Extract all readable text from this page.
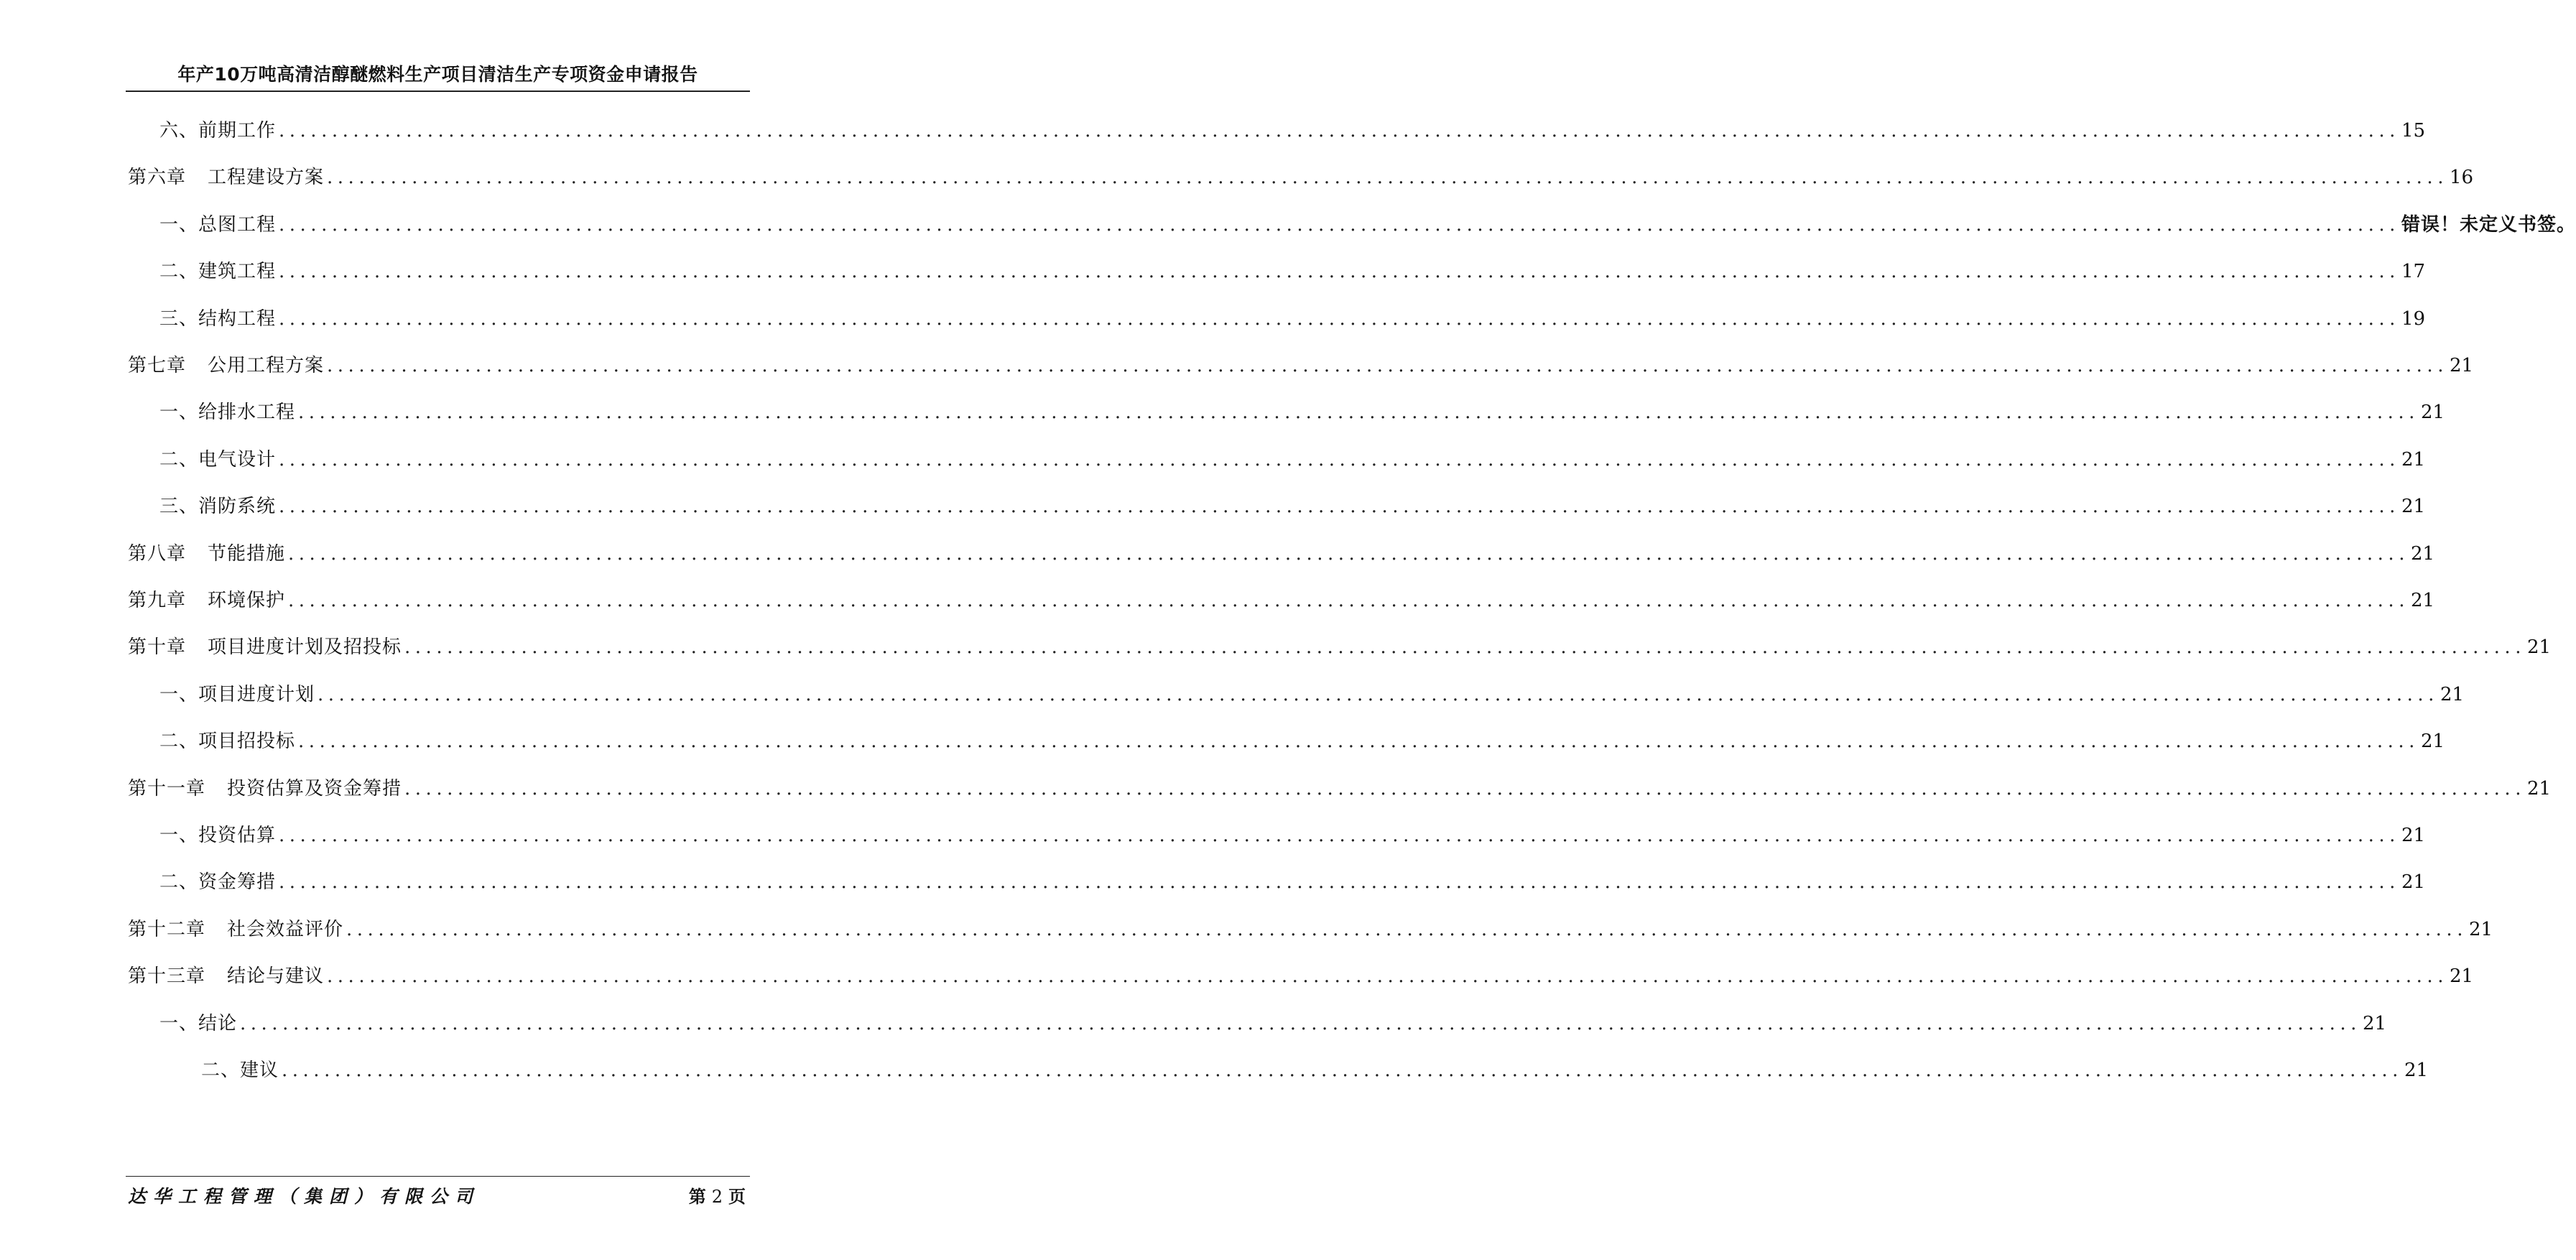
年产10万吨高清洁醇醚燃料生产项目清洁生产专项资金申请报告
六、前期工作 ........................................................................................................................................................................................................ 15
第六章 工程建设方案 ........................................................................................................................................................................................................ 16
一、总图工程 ........................................................................................................................................................................................................ 错误！未定义书签。
二、建筑工程 ........................................................................................................................................................................................................ 17
三、结构工程 ........................................................................................................................................................................................................ 19
第七章 公用工程方案 ........................................................................................................................................................................................................ 21
一、给排水工程 ........................................................................................................................................................................................................ 21
二、电气设计 ........................................................................................................................................................................................................ 21
三、消防系统 ........................................................................................................................................................................................................ 21
第八章 节能措施 ........................................................................................................................................................................................................ 21
第九章 环境保护 ........................................................................................................................................................................................................ 21
第十章 项目进度计划及招投标 ........................................................................................................................................................................................................ 21
一、项目进度计划 ........................................................................................................................................................................................................ 21
二、项目招投标 ........................................................................................................................................................................................................ 21
第十一章 投资估算及资金筹措 ........................................................................................................................................................................................................ 21
一、投资估算 ........................................................................................................................................................................................................ 21
二、资金筹措 ........................................................................................................................................................................................................ 21
第十二章 社会效益评价 ........................................................................................................................................................................................................ 21
第十三章 结论与建议 ........................................................................................................................................................................................................ 21
一、结论 ........................................................................................................................................................................................................ 21
二、建议 ........................................................................................................................................................................................................ 21
达华工程管理（集团）有限公司	第 2 页
